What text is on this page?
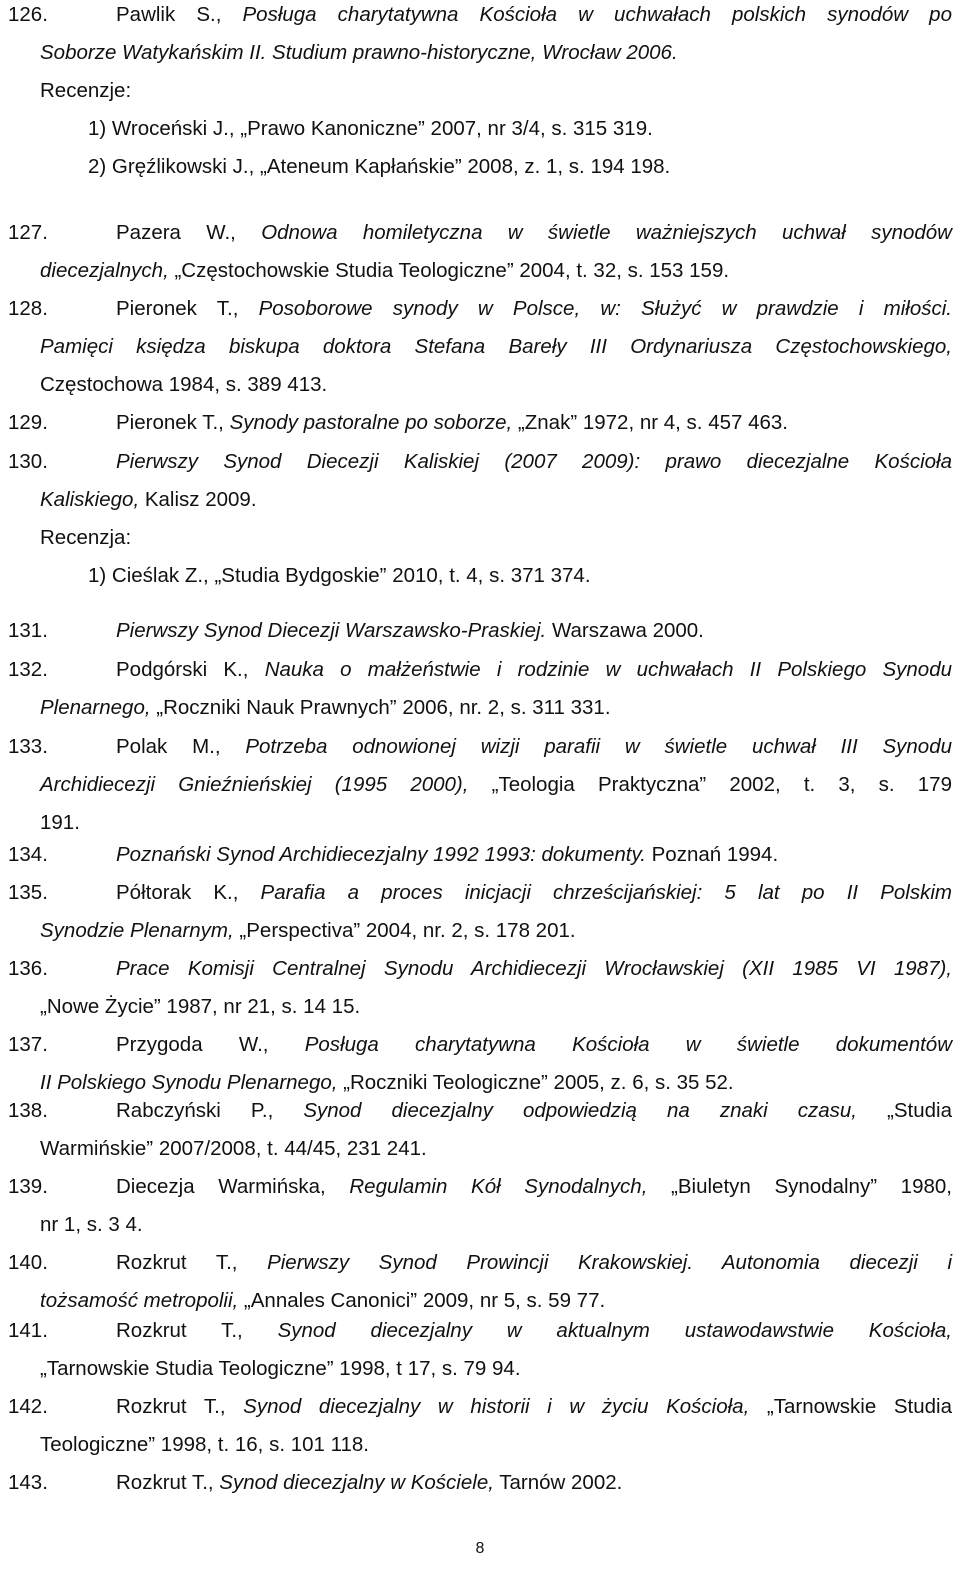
126.	Pawlik S., Posługa charytatywna Kościoła w uchwałach polskich synodów po
Soborze Watykańskim II. Studium prawno-historyczne, Wrocław 2006.
Recenzje:
1) Wroceński J., „Prawo Kanoniczne” 2007, nr 3/4, s. 315 319.
2) Gręźlikowski J., „Ateneum Kapłańskie” 2008, z. 1, s. 194 198.
127.	Pazera W., Odnowa homiletyczna w świetle ważniejszych uchwał synodów
diecezjalnych, „Częstochowskie Studia Teologiczne” 2004, t. 32, s. 153 159.
128.	Pieronek T., Posoborowe synody w Polsce, w: Służyć w prawdzie i miłości.
Pamięci księdza biskupa doktora Stefana Bareły III Ordynariusza Częstochowskiego,
Częstochowa 1984, s. 389 413.
129.	Pieronek T., Synody pastoralne po soborze, „Znak” 1972, nr 4, s. 457 463.
130.	Pierwszy Synod Diecezji Kaliskiej (2007 2009): prawo diecezjalne Kościoła
Kaliskiego, Kalisz 2009.
Recenzja:
1) Cieślak Z., „Studia Bydgoskie” 2010, t. 4, s. 371 374.
131.	Pierwszy Synod Diecezji Warszawsko-Praskiej. Warszawa 2000.
132.	Podgórski K., Nauka o małżeństwie i rodzinie w uchwałach II Polskiego Synodu
Plenarnego, „Roczniki Nauk Prawnych” 2006, nr. 2, s. 311 331.
133.	Polak M., Potrzeba odnowionej wizji parafii w świetle uchwał III Synodu
Archidiecezji Gnieźnieńskiej (1995 2000), „Teologia Praktyczna” 2002, t. 3, s. 179
191.
134.	Poznański Synod Archidiecezjalny 1992 1993: dokumenty. Poznań 1994.
135.	Półtorak K., Parafia a proces inicjacji chrześcijańskiej: 5 lat po II Polskim
Synodzie Plenarnym, „Perspectiva” 2004, nr. 2, s. 178 201.
136.	Prace Komisji Centralnej Synodu Archidiecezji Wrocławskiej (XII 1985 VI 1987),
„Nowe Życie” 1987, nr 21, s. 14 15.
137.	Przygoda W., Posługa charytatywna Kościoła w świetle dokumentów
II Polskiego Synodu Plenarnego, „Roczniki Teologiczne” 2005, z. 6, s. 35 52.
138.	Rabczyński P., Synod diecezjalny odpowiedzią na znaki czasu, „Studia
Warmińskie” 2007/2008, t. 44/45, 231 241.
139.	Diecezja Warmińska, Regulamin Kół Synodalnych, „Biuletyn Synodalny” 1980,
nr 1, s. 3 4.
140.	Rozkrut T., Pierwszy Synod Prowincji Krakowskiej. Autonomia diecezji i
tożsamość metropolii, „Annales Canonici” 2009, nr 5, s. 59 77.
141.	Rozkrut T., Synod diecezjalny w aktualnym ustawodawstwie Kościoła,
„Tarnowskie Studia Teologiczne” 1998, t 17, s. 79 94.
142.	Rozkrut T., Synod diecezjalny w historii i w życiu Kościoła, „Tarnowskie Studia
Teologiczne” 1998, t. 16, s. 101 118.
143.	Rozkrut T., Synod diecezjalny w Kościele, Tarnów 2002.
8
